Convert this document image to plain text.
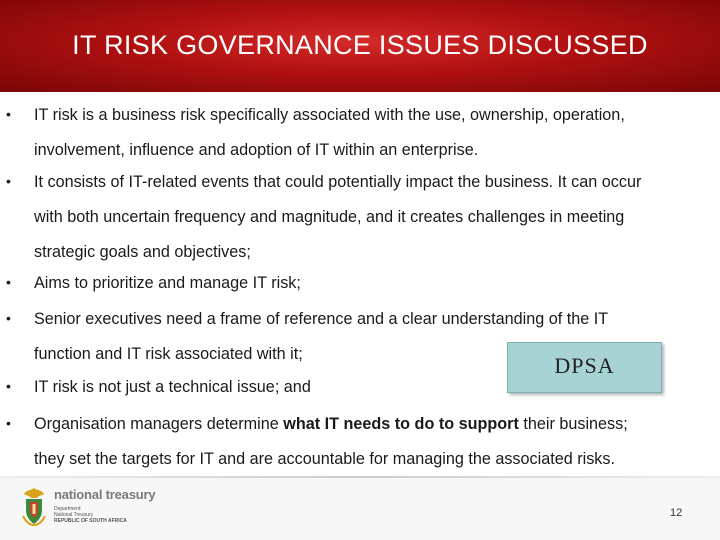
IT RISK GOVERNANCE ISSUES DISCUSSED
• IT risk is a business risk specifically associated with the use, ownership, operation,
involvement, influence and adoption of IT within an enterprise.
• It consists of IT-related events that could potentially impact the business. It can occur
with both uncertain frequency and magnitude, and it creates challenges in meeting
strategic goals and objectives;
• Aims to prioritize and manage IT risk;
• Senior executives need a frame of reference and a clear understanding of the IT
function and IT risk associated with it;
• IT risk is not just a technical issue; and
• Organisation managers determine what IT needs to do to support their business;
they set the targets for IT and are accountable for managing the associated risks.
DPSA
national treasury
Department:
National Treasury
REPUBLIC OF SOUTH AFRICA
12
